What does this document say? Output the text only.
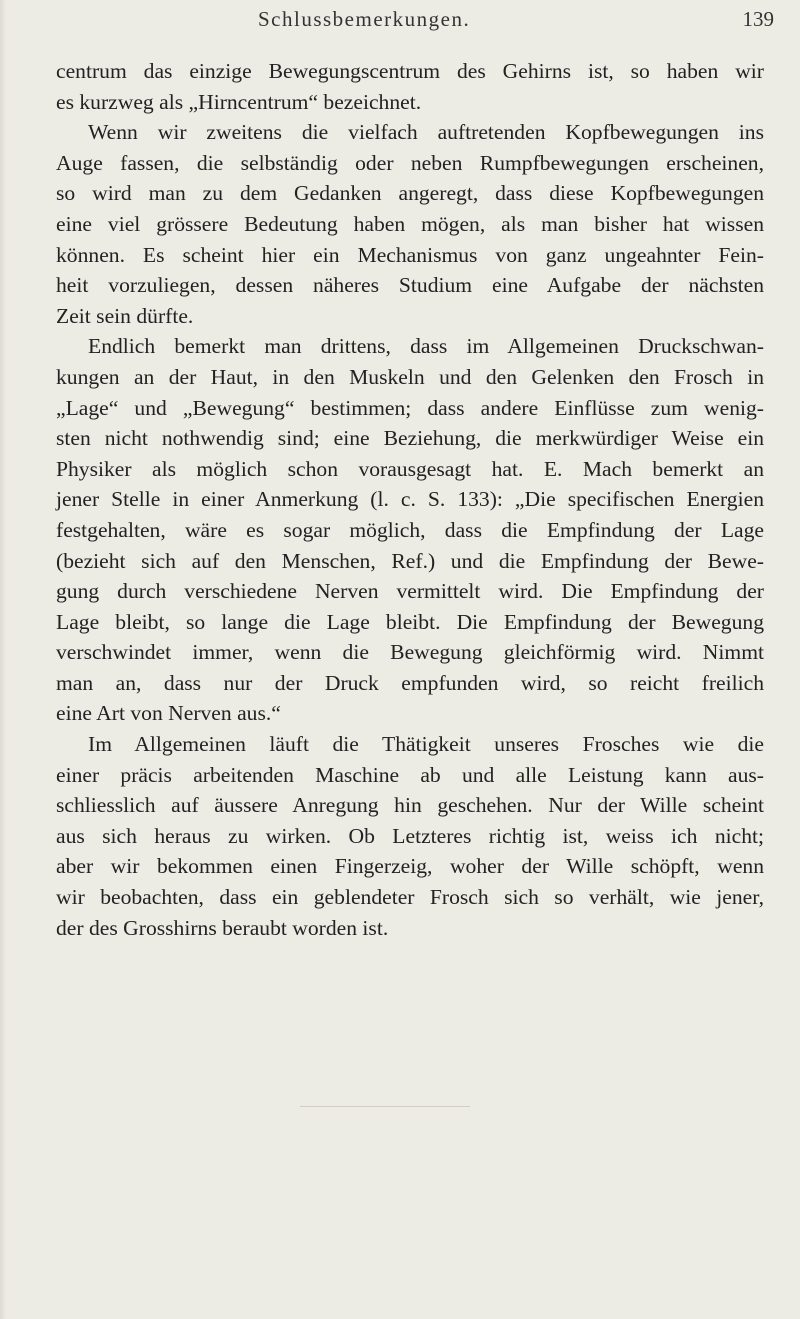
Schlussbemerkungen.	139
centrum das einzige Bewegungscentrum des Gehirns ist, so haben wir
es kurzweg als „Hirncentrum“ bezeichnet.
Wenn wir zweitens die vielfach auftretenden Kopfbewegungen ins
Auge fassen, die selbständig oder neben Rumpfbewegungen erscheinen,
so wird man zu dem Gedanken angeregt, dass diese Kopfbewegungen
eine viel grössere Bedeutung haben mögen, als man bisher hat wissen
können. Es scheint hier ein Mechanismus von ganz ungeahnter Fein-
heit vorzuliegen, dessen näheres Studium eine Aufgabe der nächsten
Zeit sein dürfte.
Endlich bemerkt man drittens, dass im Allgemeinen Druckschwan-
kungen an der Haut, in den Muskeln und den Gelenken den Frosch in
„Lage“ und „Bewegung“ bestimmen; dass andere Einflüsse zum wenig-
sten nicht nothwendig sind; eine Beziehung, die merkwürdiger Weise ein
Physiker als möglich schon vorausgesagt hat. E. Mach bemerkt an
jener Stelle in einer Anmerkung (l. c. S. 133): „Die specifischen Energien
festgehalten, wäre es sogar möglich, dass die Empfindung der Lage
(bezieht sich auf den Menschen, Ref.) und die Empfindung der Bewe-
gung durch verschiedene Nerven vermittelt wird. Die Empfindung der
Lage bleibt, so lange die Lage bleibt. Die Empfindung der Bewegung
verschwindet immer, wenn die Bewegung gleichförmig wird. Nimmt
man an, dass nur der Druck empfunden wird, so reicht freilich
eine Art von Nerven aus.“
Im Allgemeinen läuft die Thätigkeit unseres Frosches wie die
einer präcis arbeitenden Maschine ab und alle Leistung kann aus-
schliesslich auf äussere Anregung hin geschehen. Nur der Wille scheint
aus sich heraus zu wirken. Ob Letzteres richtig ist, weiss ich nicht;
aber wir bekommen einen Fingerzeig, woher der Wille schöpft, wenn
wir beobachten, dass ein geblendeter Frosch sich so verhält, wie jener,
der des Grosshirns beraubt worden ist.
